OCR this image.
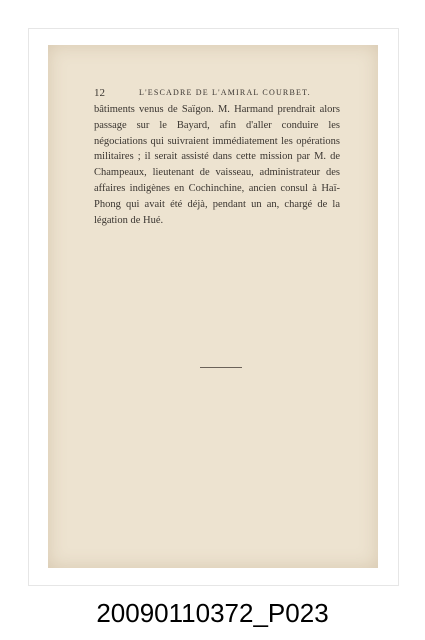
12	L'ESCADRE DE L'AMIRAL COURBET.

bâtiments venus de Saïgon. M. Harmand prendrait alors passage sur le Bayard, afin d'aller conduire les négociations qui suivraient immédiatement les opérations militaires ; il serait assisté dans cette mission par M. de Champeaux, lieutenant de vaisseau, administrateur des affaires indigènes en Cochinchine, ancien consul à Haï-Phong qui avait été déjà, pendant un an, chargé de la légation de Hué.

20090110372_P023
